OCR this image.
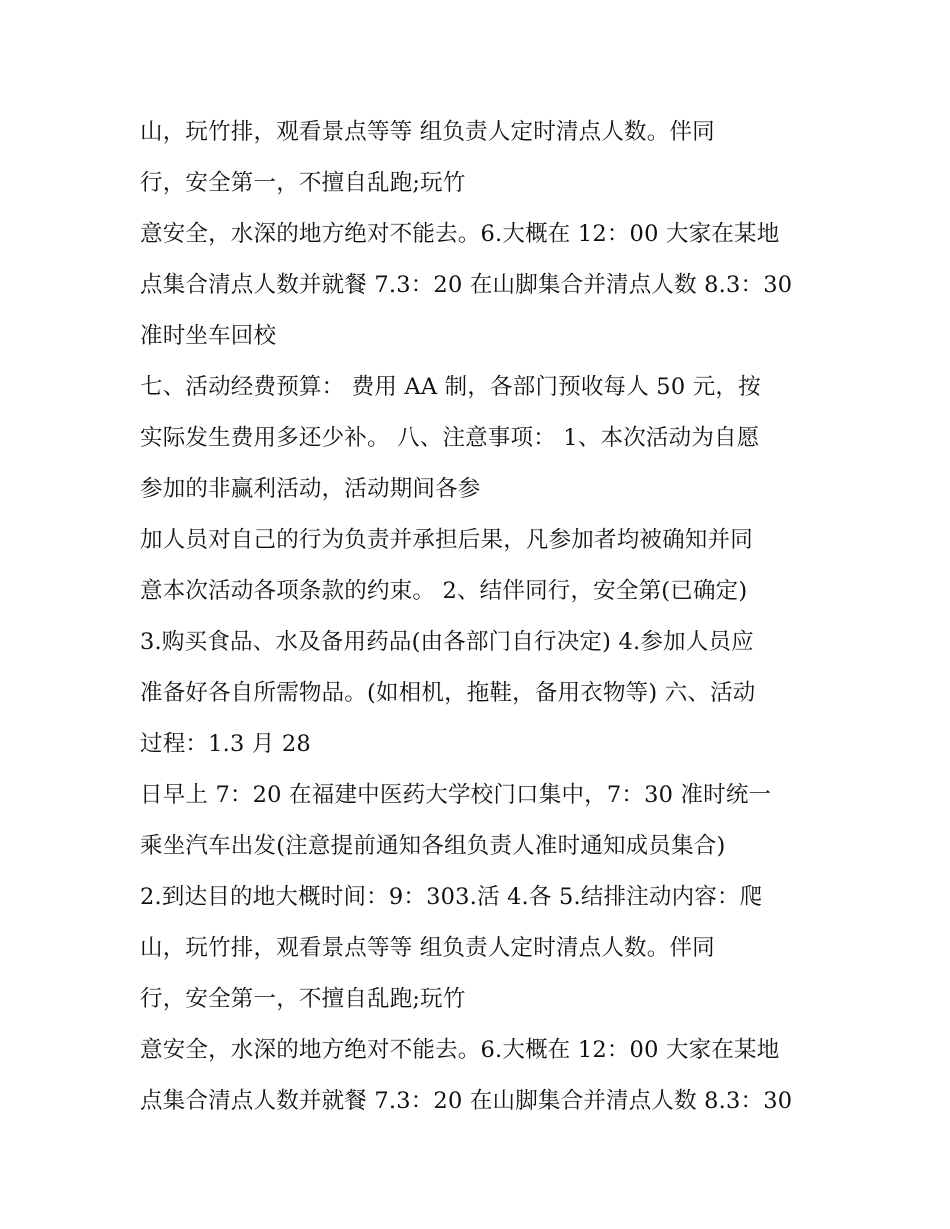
山，玩竹排，观看景点等等 组负责人定时清点人数。伴同

行，安全第一，不擅自乱跑;玩竹

意安全，水深的地方绝对不能去。6.大概在 12：00 大家在某地

点集合清点人数并就餐 7.3：20 在山脚集合并清点人数 8.3：30

准时坐车回校

七、活动经费预算： 费用 AA 制，各部门预收每人 50 元，按

实际发生费用多还少补。 八、注意事项： 1、本次活动为自愿

参加的非赢利活动，活动期间各参

加人员对自己的行为负责并承担后果，凡参加者均被确知并同

意本次活动各项条款的约束。 2、结伴同行，安全第(已确定)

3.购买食品、水及备用药品(由各部门自行决定) 4.参加人员应

准备好各自所需物品。(如相机，拖鞋，备用衣物等) 六、活动

过程：1.3 月 28

日早上 7：20 在福建中医药大学校门口集中，7：30 准时统一

乘坐汽车出发(注意提前通知各组负责人准时通知成员集合)

2.到达目的地大概时间：9：303.活 4.各 5.结排注动内容：爬

山，玩竹排，观看景点等等 组负责人定时清点人数。伴同

行，安全第一，不擅自乱跑;玩竹

意安全，水深的地方绝对不能去。6.大概在 12：00 大家在某地

点集合清点人数并就餐 7.3：20 在山脚集合并清点人数 8.3：30
